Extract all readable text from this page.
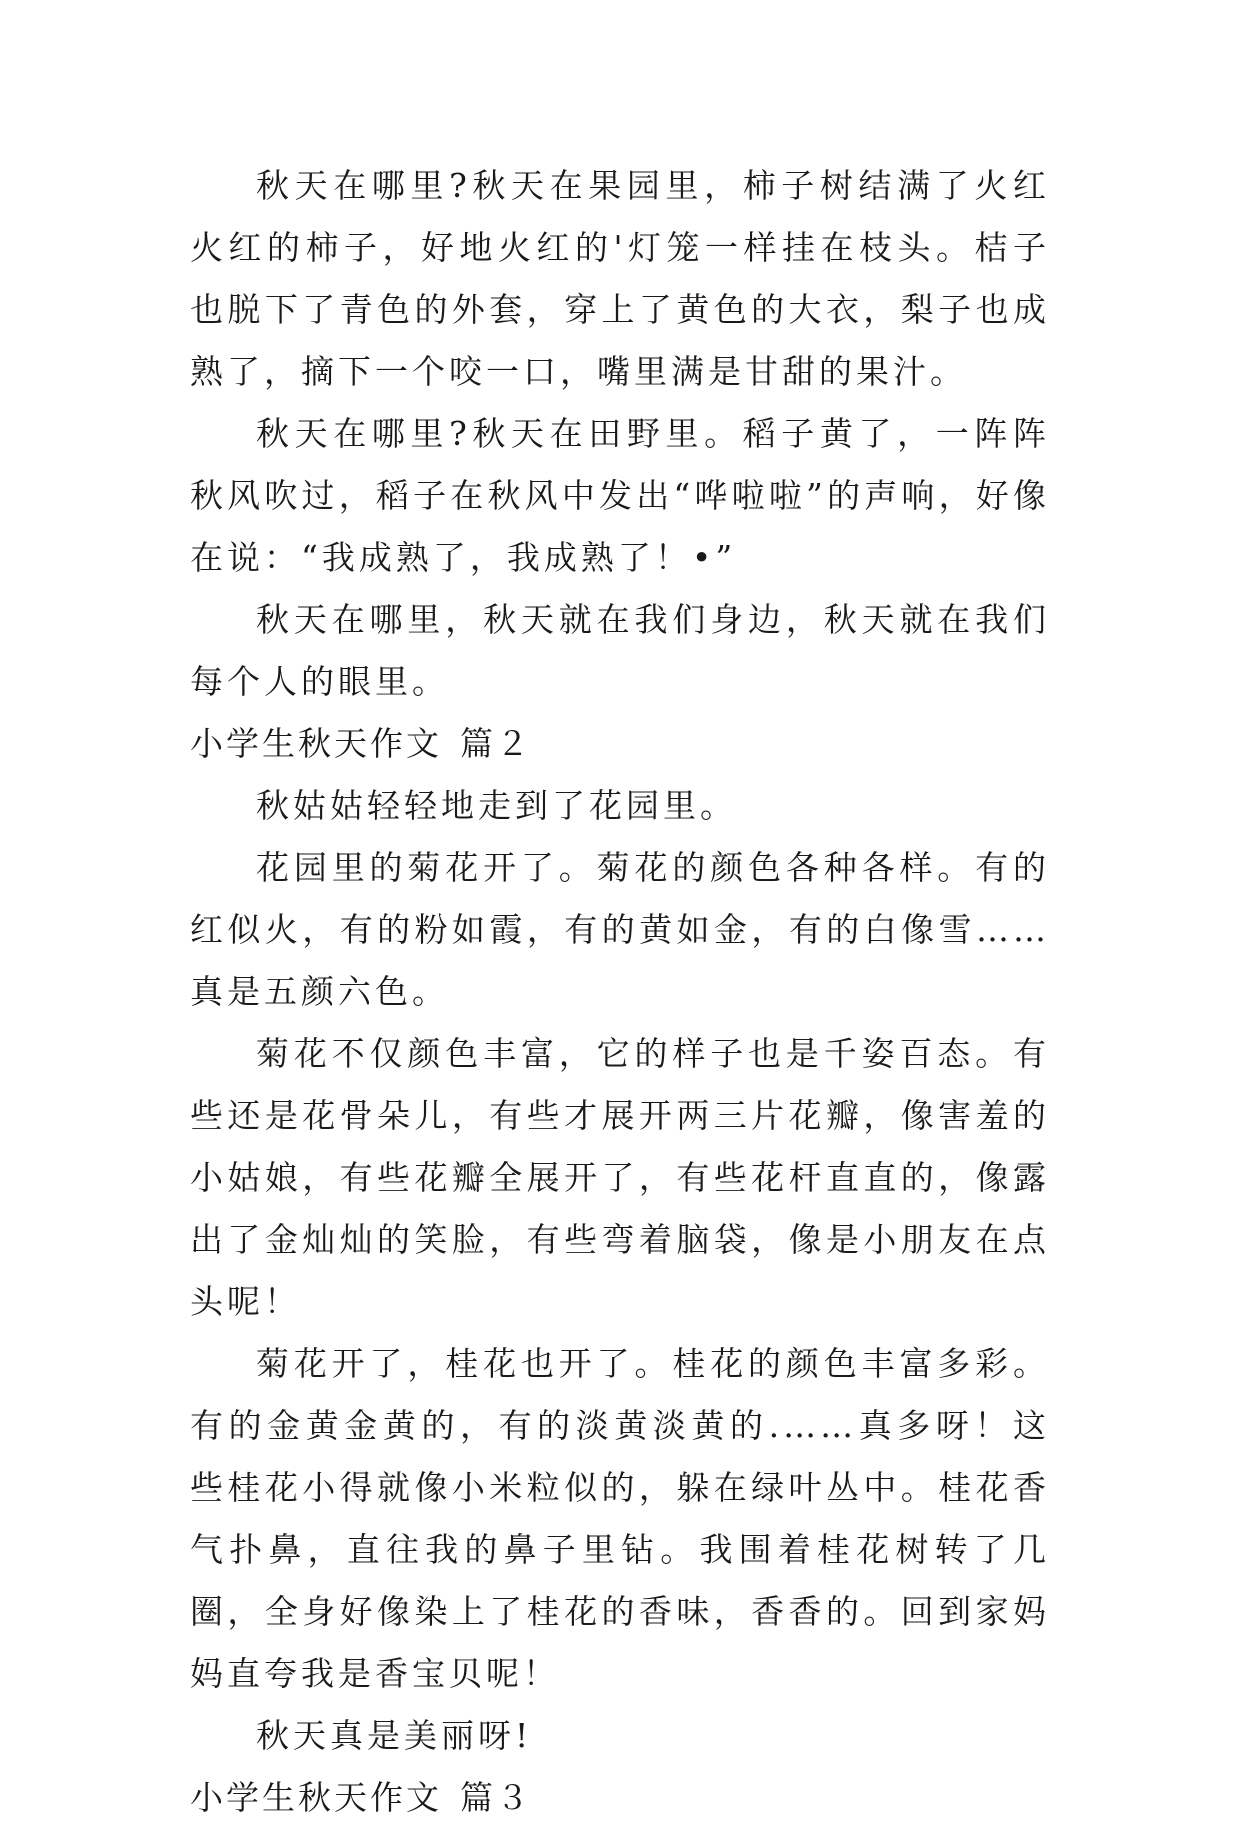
秋天在哪里?秋天在果园里，柿子树结满了火红火红的柿子，好地火红的'灯笼一样挂在枝头。桔子也脱下了青色的外套，穿上了黄色的大衣，梨子也成熟了，摘下一个咬一口，嘴里满是甘甜的果汁。

秋天在哪里?秋天在田野里。稻子黄了，一阵阵秋风吹过，稻子在秋风中发出“哗啦啦”的声响，好像在说：“我成熟了，我成熟了！•”

秋天在哪里，秋天就在我们身边，秋天就在我们每个人的眼里。

小学生秋天作文 篇２

秋姑姑轻轻地走到了花园里。

花园里的菊花开了。菊花的颜色各种各样。有的红似火，有的粉如霞，有的黄如金，有的白像雪……真是五颜六色。

菊花不仅颜色丰富，它的样子也是千姿百态。有些还是花骨朵儿，有些才展开两三片花瓣，像害羞的小姑娘，有些花瓣全展开了，有些花杆直直的，像露出了金灿灿的笑脸，有些弯着脑袋，像是小朋友在点头呢！

菊花开了，桂花也开了。桂花的颜色丰富多彩。有的金黄金黄的，有的淡黄淡黄的.……真多呀！这些桂花小得就像小米粒似的，躲在绿叶丛中。桂花香气扑鼻，直往我的鼻子里钻。我围着桂花树转了几圈，全身好像染上了桂花的香味，香香的。回到家妈妈直夸我是香宝贝呢！

秋天真是美丽呀!

小学生秋天作文 篇３
